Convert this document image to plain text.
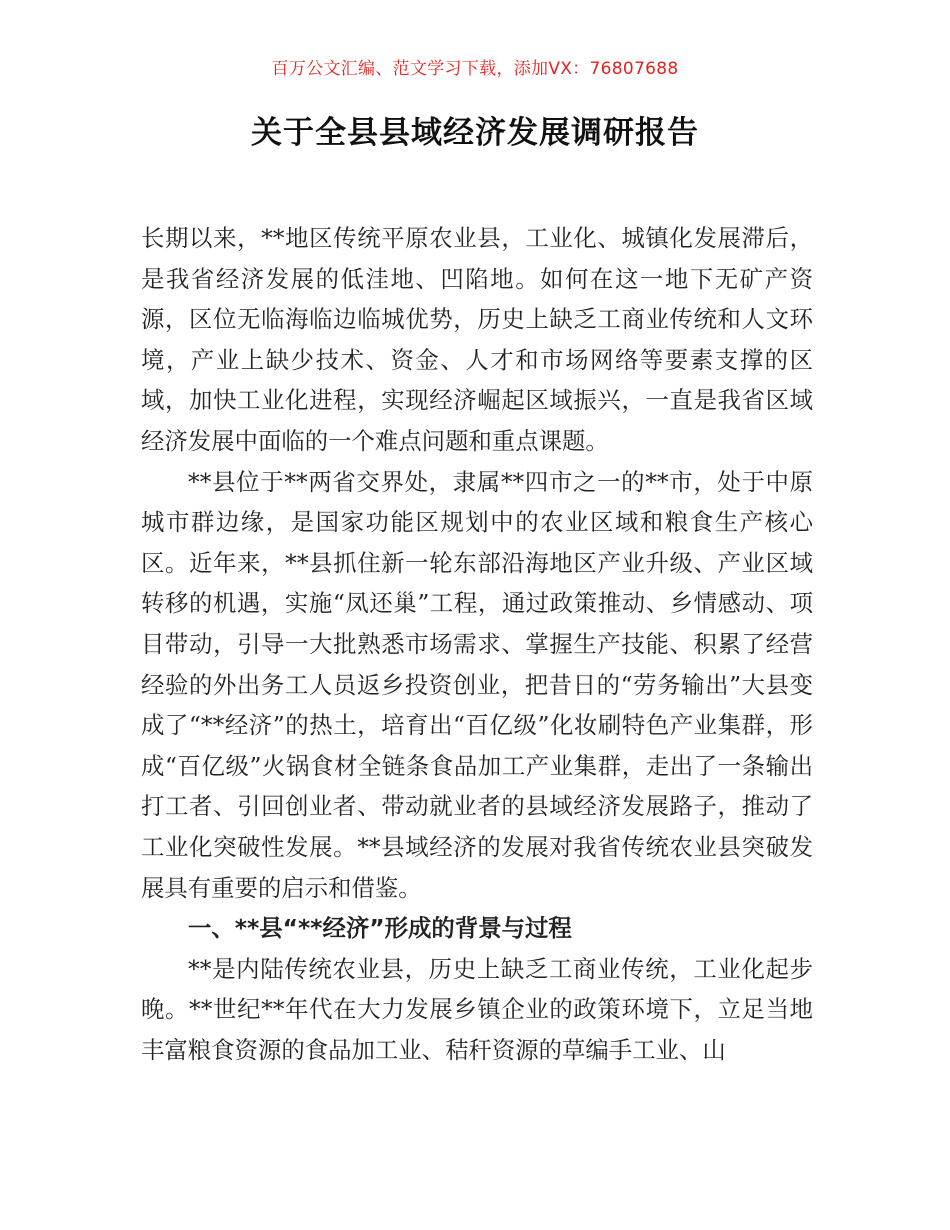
百万公文汇编、范文学习下载，添加VX：76807688
关于全县县域经济发展调研报告

长期以来，**地区传统平原农业县，工业化、城镇化发展滞后，是我省经济发展的低洼地、凹陷地。如何在这一地下无矿产资源，区位无临海临边临城优势，历史上缺乏工商业传统和人文环境，产业上缺少技术、资金、人才和市场网络等要素支撑的区域，加快工业化进程，实现经济崛起区域振兴，一直是我省区域经济发展中面临的一个难点问题和重点课题。

**县位于**两省交界处，隶属**四市之一的**市，处于中原城市群边缘，是国家功能区规划中的农业区域和粮食生产核心区。近年来，**县抓住新一轮东部沿海地区产业升级、产业区域转移的机遇，实施“凤还巢”工程，通过政策推动、乡情感动、项目带动，引导一大批熟悉市场需求、掌握生产技能、积累了经营经验的外出务工人员返乡投资创业，把昔日的“劳务输出”大县变成了“**经济”的热土，培育出“百亿级”化妆刷特色产业集群，形成“百亿级”火锅食材全链条食品加工产业集群，走出了一条输出打工者、引回创业者、带动就业者的县域经济发展路子，推动了工业化突破性发展。**县域经济的发展对我省传统农业县突破发展具有重要的启示和借鉴。

一、**县“**经济”形成的背景与过程

**是内陆传统农业县，历史上缺乏工商业传统，工业化起步晚。**世纪**年代在大力发展乡镇企业的政策环境下，立足当地丰富粮食资源的食品加工业、秸秆资源的草编手工业、山
